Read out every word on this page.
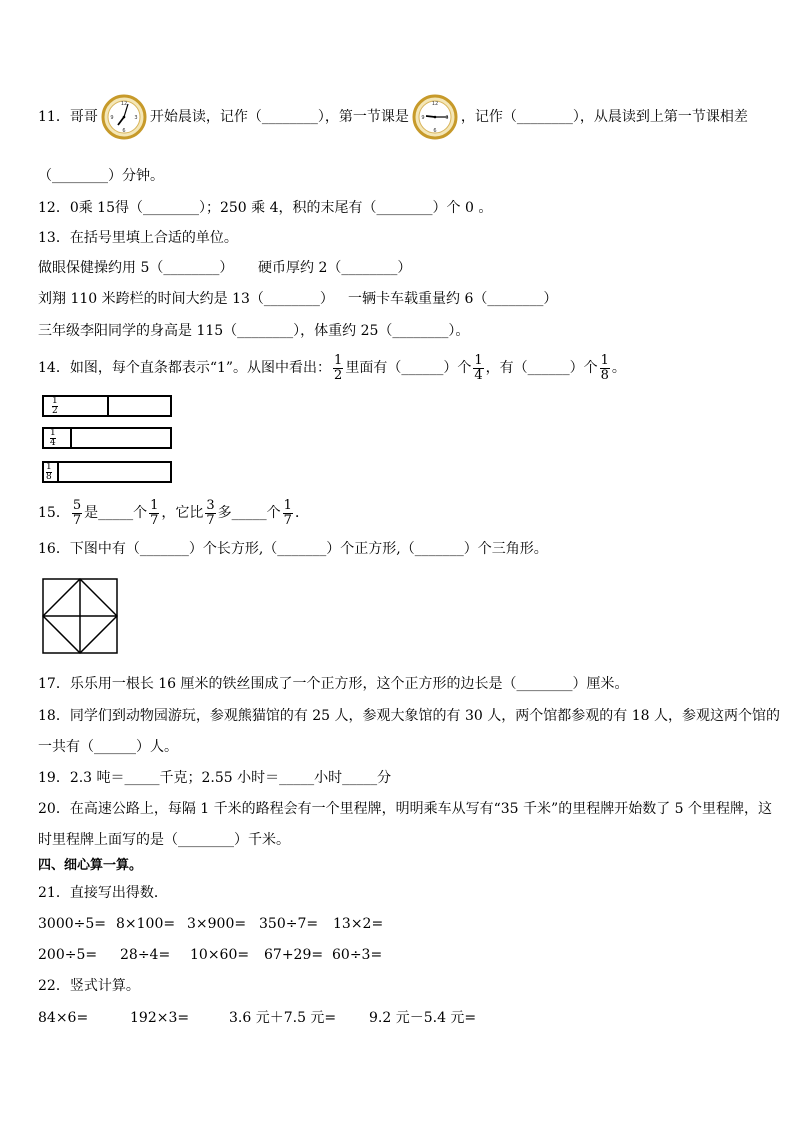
11．哥哥
12
3
6
9	开始晨读，记作（________），第一节课是
12
3
6
9	，记作（________），从晨读到上第一节课相差
（________）分钟。
12．0乘 15得（________）；250 乘 4，积的末尾有（________）个 0 。
13．在括号里填上合适的单位。
做眼保健操约用 5（________） 硬币厚约 2（________）
刘翔 110 米跨栏的时间大约是 13（________） 一辆卡车载重量约 6（________）
三年级李阳同学的身高是 115（________），体重约 25（________）。
14．如图，每个直条都表示“1”。从图中看出： $\frac{1}{2}$ 里面有（______）个 $\frac{1}{4}$ ，有（______）个 $\frac{1}{8}$ 。
$\frac{1}{2}$
$\frac{1}{4}$
$\frac{1}{8}$
15． $\frac{5}{7}$ 是_____个 $\frac{1}{7}$ ，它比 $\frac{3}{7}$ 多_____个 $\frac{1}{7}$ ．
16．下图中有（_______）个长方形,（_______）个正方形,（_______）个三角形。
17．乐乐用一根长 16 厘米的铁丝围成了一个正方形，这个正方形的边长是（________）厘米。
18．同学们到动物园游玩，参观熊猫馆的有 25 人，参观大象馆的有 30 人，两个馆都参观的有 18 人，参观这两个馆的
一共有（______）人。
19．2.3 吨＝_____千克；2.55 小时＝_____小时_____分
20．在高速公路上，每隔 1 千米的路程会有一个里程牌，明明乘车从写有“35 千米”的里程牌开始数了 5 个里程牌，这
时里程牌上面写的是（________）千米。
四、细心算一算。
21．直接写出得数．
3000÷5= 8×100= 3×900= 350÷7= 13×2=
200÷5= 28÷4= 10×60= 67+29= 60÷3=
22．竖式计算。
84×6=	192×3=	3.6 元＋7.5 元= 9.2 元－5.4 元=
